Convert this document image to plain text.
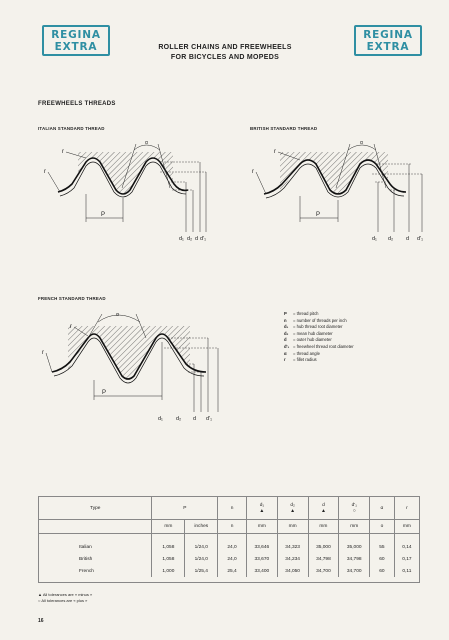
REGINA
EXTRA	ROLLER CHAINS AND FREEWHEELS
FOR BICYCLES AND MOPEDS
REGINA
EXTRA
FREEWHEELS THREADS
ITALIAN STANDARD THREAD
α
r
r
P
d₁ d₂ d d'₁
BRITISH STANDARD THREAD
α
r
r
P
d₁ d₂ d d'₁
FRENCH STANDARD THREAD
α
r
r
P
d₁ d₂ d d'₁
P = thread pitch
n = number of threads per inch
d₁ = hub thread root diameter
d₂ = mean hub diameter
d = outer hub diameter
d'₁ = freewheel thread root diameter
α = thread angle
r = fillet radius
Type	P		n	d₁
▲	d₂
▲	d
▲	d'₁
○	α	r
	mm	inches	n	mm	mm	mm	mm	o	mm
Italian	1,058	1/24,0	24,0	33,646	34,323	35,000	35,000	55	0,14
British	1,058	1/24,0	24,0	33,670	34,234	34,798	34,798	60	0,17
French	1,000	1/25,4	25,4	33,400	34,050	34,700	34,700	60	0,11
▲ All tolerances are « minus »
○ All tolerances are « plus »
16
